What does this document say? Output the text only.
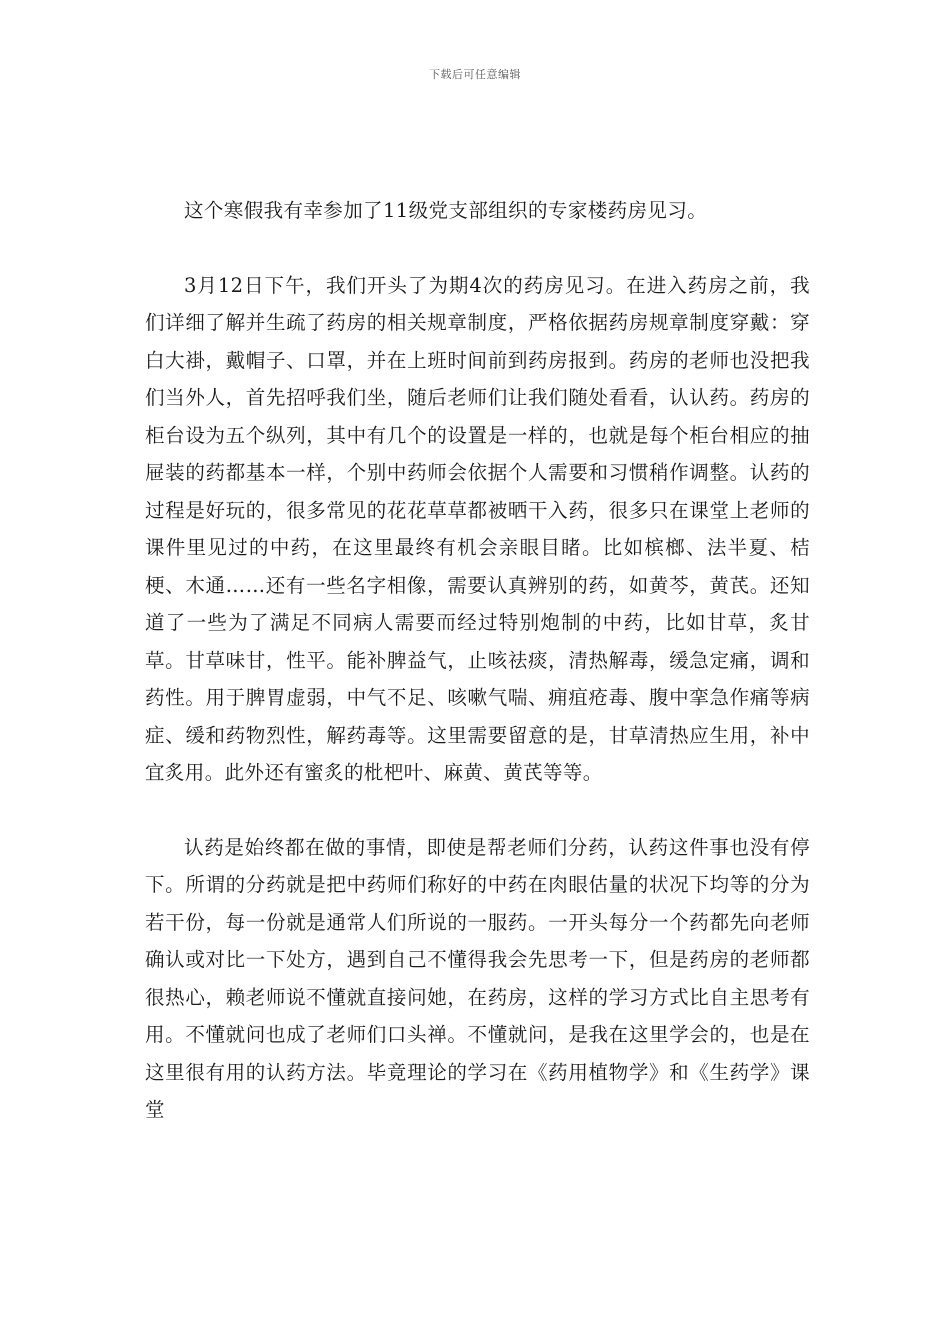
下载后可任意编辑

这个寒假我有幸参加了11级党支部组织的专家楼药房见习。

3月12日下午，我们开头了为期4次的药房见习。在进入药房之前，我们详细了解并生疏了药房的相关规章制度，严格依据药房规章制度穿戴：穿白大褂，戴帽子、口罩，并在上班时间前到药房报到。药房的老师也没把我们当外人，首先招呼我们坐，随后老师们让我们随处看看，认认药。药房的柜台设为五个纵列，其中有几个的设置是一样的，也就是每个柜台相应的抽屉装的药都基本一样，个别中药师会依据个人需要和习惯稍作调整。认药的过程是好玩的，很多常见的花花草草都被晒干入药，很多只在课堂上老师的课件里见过的中药，在这里最终有机会亲眼目睹。比如槟榔、法半夏、桔梗、木通……还有一些名字相像，需要认真辨别的药，如黄芩，黄芪。还知道了一些为了满足不同病人需要而经过特别炮制的中药，比如甘草，炙甘草。甘草味甘，性平。能补脾益气，止咳祛痰，清热解毒，缓急定痛，调和药性。用于脾胃虚弱，中气不足、咳嗽气喘、痈疽疮毒、腹中挛急作痛等病症、缓和药物烈性，解药毒等。这里需要留意的是，甘草清热应生用，补中宜炙用。此外还有蜜炙的枇杷叶、麻黄、黄芪等等。

认药是始终都在做的事情，即使是帮老师们分药，认药这件事也没有停下。所谓的分药就是把中药师们称好的中药在肉眼估量的状况下均等的分为若干份，每一份就是通常人们所说的一服药。一开头每分一个药都先向老师确认或对比一下处方，遇到自己不懂得我会先思考一下，但是药房的老师都很热心，赖老师说不懂就直接问她，在药房，这样的学习方式比自主思考有用。不懂就问也成了老师们口头禅。不懂就问，是我在这里学会的，也是在这里很有用的认药方法。毕竟理论的学习在《药用植物学》和《生药学》课堂
